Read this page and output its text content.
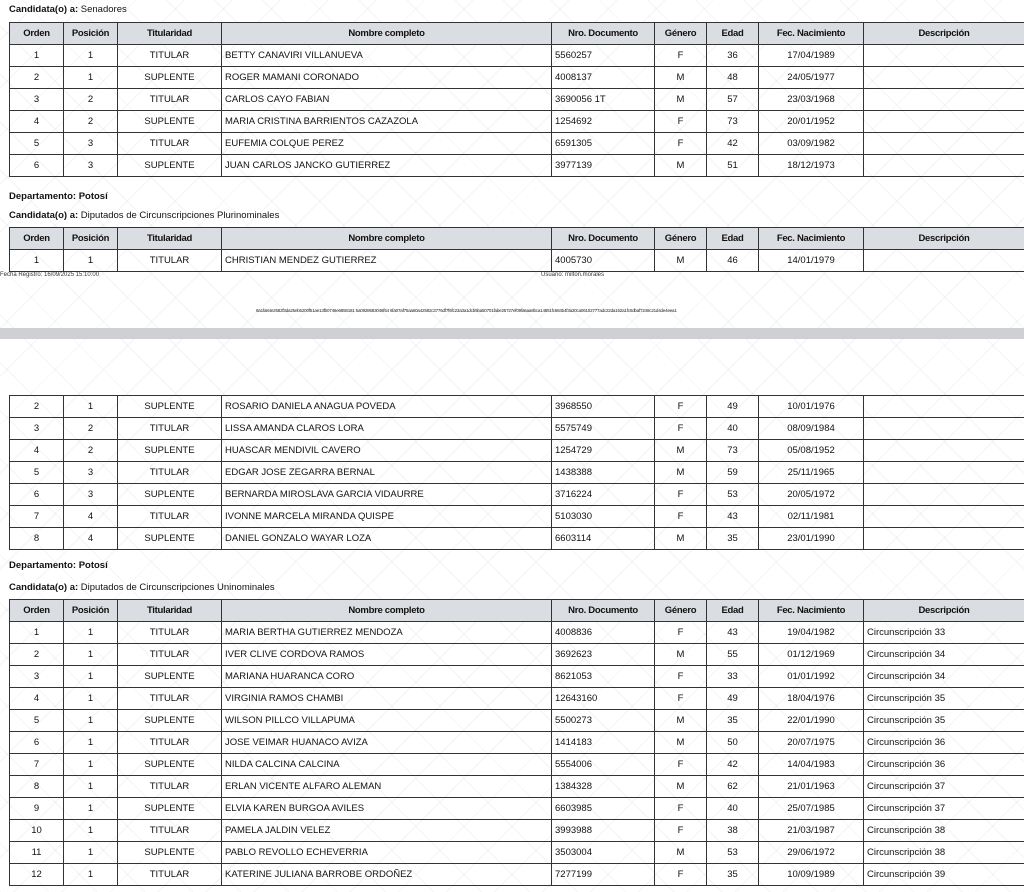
Candidata(o) a: Senadores
Orden	Posición	Titularidad	Nombre completo	Nro. Documento	Género	Edad	Fec. Nacimiento	Descripción
1	1	TITULAR	BETTY CANAVIRI VILLANUEVA	5560257	F	36	17/04/1989	
2	1	SUPLENTE	ROGER MAMANI CORONADO	4008137	M	48	24/05/1977	
3	2	TITULAR	CARLOS CAYO FABIAN	3690056 1T	M	57	23/03/1968	
4	2	SUPLENTE	MARIA CRISTINA BARRIENTOS CAZAZOLA	1254692	F	73	20/01/1952	
5	3	TITULAR	EUFEMIA COLQUE PEREZ	6591305	F	42	03/09/1982	
6	3	SUPLENTE	JUAN CARLOS JANCKO GUTIERREZ	3977139	M	51	18/12/1973	
Departamento: Potosí
Candidata(o) a: Diputados de Circunscripciones Plurinominales
Orden	Posición	Titularidad	Nombre completo	Nro. Documento	Género	Edad	Fec. Nacimiento	Descripción
1	1	TITULAR	CHRISTIAN MENDEZ GUTIERREZ	4005730	M	46	14/01/1979	
Fecha Registro: 16/09/2025 15:10:00	Usuario: milton.morales
8a1fa84e2582f3da25eb5200f51ae13fb0746e6858181 5a0928683046f54 6fa07af75aa60a42582c3776df7f6fc23a3a1dcb5ba50701fabe25727ef09fa6aa8bca14851fc684b4f3a20ca06102777adc22da152a1fc0dbaf7248c21d4de4eea1
2	1	SUPLENTE	ROSARIO DANIELA ANAGUA POVEDA	3968550	F	49	10/01/1976	
3	2	TITULAR	LISSA AMANDA CLAROS LORA	5575749	F	40	08/09/1984	
4	2	SUPLENTE	HUASCAR MENDIVIL CAVERO	1254729	M	73	05/08/1952	
5	3	TITULAR	EDGAR JOSE ZEGARRA BERNAL	1438388	M	59	25/11/1965	
6	3	SUPLENTE	BERNARDA MIROSLAVA GARCIA VIDAURRE	3716224	F	53	20/05/1972	
7	4	TITULAR	IVONNE MARCELA MIRANDA QUISPE	5103030	F	43	02/11/1981	
8	4	SUPLENTE	DANIEL GONZALO WAYAR LOZA	6603114	M	35	23/01/1990	
Departamento: Potosí
Candidata(o) a: Diputados de Circunscripciones Uninominales
Orden	Posición	Titularidad	Nombre completo	Nro. Documento	Género	Edad	Fec. Nacimiento	Descripción
1	1	TITULAR	MARIA BERTHA GUTIERREZ MENDOZA	4008836	F	43	19/04/1982	Circunscripción 33
2	1	TITULAR	IVER CLIVE CORDOVA RAMOS	3692623	M	55	01/12/1969	Circunscripción 34
3	1	SUPLENTE	MARIANA HUARANCA CORO	8621053	F	33	01/01/1992	Circunscripción 34
4	1	TITULAR	VIRGINIA RAMOS CHAMBI	12643160	F	49	18/04/1976	Circunscripción 35
5	1	SUPLENTE	WILSON PILLCO VILLAPUMA	5500273	M	35	22/01/1990	Circunscripción 35
6	1	TITULAR	JOSE VEIMAR HUANACO AVIZA	1414183	M	50	20/07/1975	Circunscripción 36
7	1	SUPLENTE	NILDA CALCINA CALCINA	5554006	F	42	14/04/1983	Circunscripción 36
8	1	TITULAR	ERLAN VICENTE ALFARO ALEMAN	1384328	M	62	21/01/1963	Circunscripción 37
9	1	SUPLENTE	ELVIA KAREN BURGOA AVILES	6603985	F	40	25/07/1985	Circunscripción 37
10	1	TITULAR	PAMELA JALDIN VELEZ	3993988	F	38	21/03/1987	Circunscripción 38
11	1	SUPLENTE	PABLO REVOLLO ECHEVERRIA	3503004	M	53	29/06/1972	Circunscripción 38
12	1	TITULAR	KATERINE JULIANA BARROBE ORDOÑEZ	7277199	F	35	10/09/1989	Circunscripción 39
